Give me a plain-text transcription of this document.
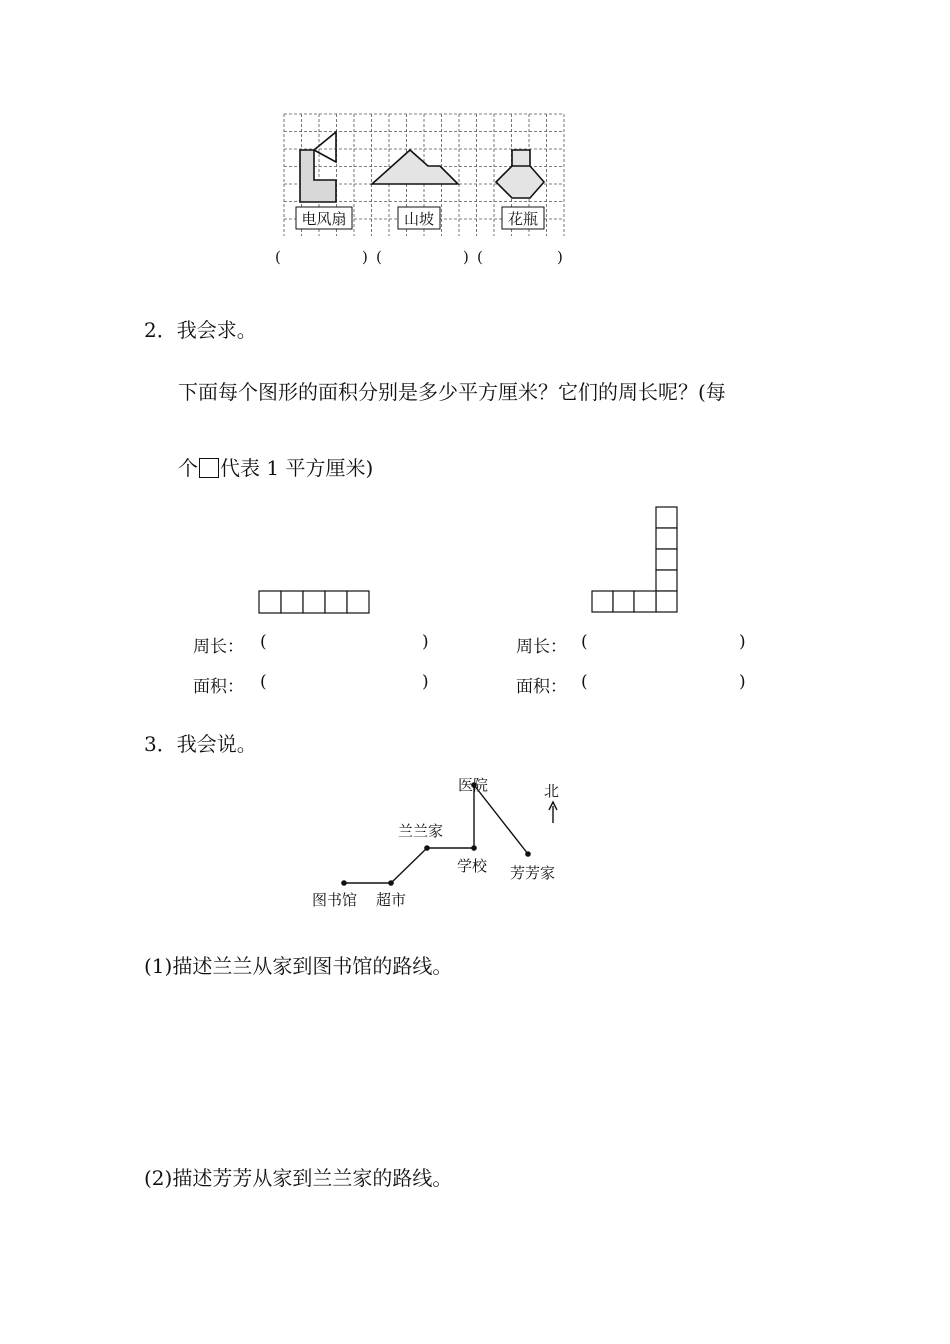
电风扇	山坡	花瓶
(	) (	) (	)
2．我会求。
下面每个图形的面积分别是多少平方厘米？它们的周长呢？(每
个 代表 1 平方厘米)
周长： (	)
面积： (	)
周长： (	)
面积： (	)
3．我会说。
医院
兰兰家
学校 芳芳家
图书馆 超市
北
(1)描述兰兰从家到图书馆的路线。
(2)描述芳芳从家到兰兰家的路线。
